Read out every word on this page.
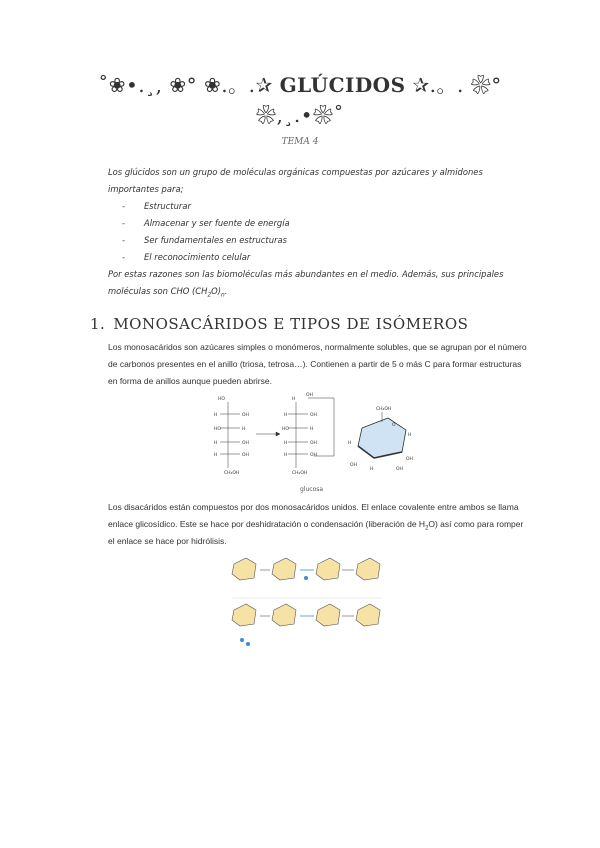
˚❀•.¸, ❀° ❀.。.✰ GLÚCIDOS ✰.。. ❀° ❀,¸.•❀˚
TEMA 4
Los glúcidos son un grupo de moléculas orgánicas compuestas por azúcares y almidones importantes para;
- Estructurar
- Almacenar y ser fuente de energía
- Ser fundamentales en estructuras
- El reconocimiento celular
Por estas razones son las biomoléculas más abundantes en el medio. Además, sus principales moléculas son CHO $(CH_2O)_n$.
1. MONOSACÁRIDOS E TIPOS DE ISÓMEROS
Los monosacáridos son azúcares simples o monómeros, normalmente solubles, que se agrupan por el número de carbonos presentes en el anillo (triosa, tetrosa…). Contienen a partir de 5 o más C para formar estructuras en forma de anillos aunque pueden abrirse.
HO
H	OH
HO	H
H	OH
H	OH
CH₂OH
H
H	OH
HO	H
H	OH
H	OH
CH₂OH
OH
CH₂OH
O
H
H
OH
OH
H	OH
glucosa
Los disacáridos están compuestos por dos monosacáridos unidos. El enlace covalente entre ambos se llama enlace glicosídico. Este se hace por deshidratación o condensación (liberación de $H_2O$) así como para romper el enlace se hace por hidrólisis.
